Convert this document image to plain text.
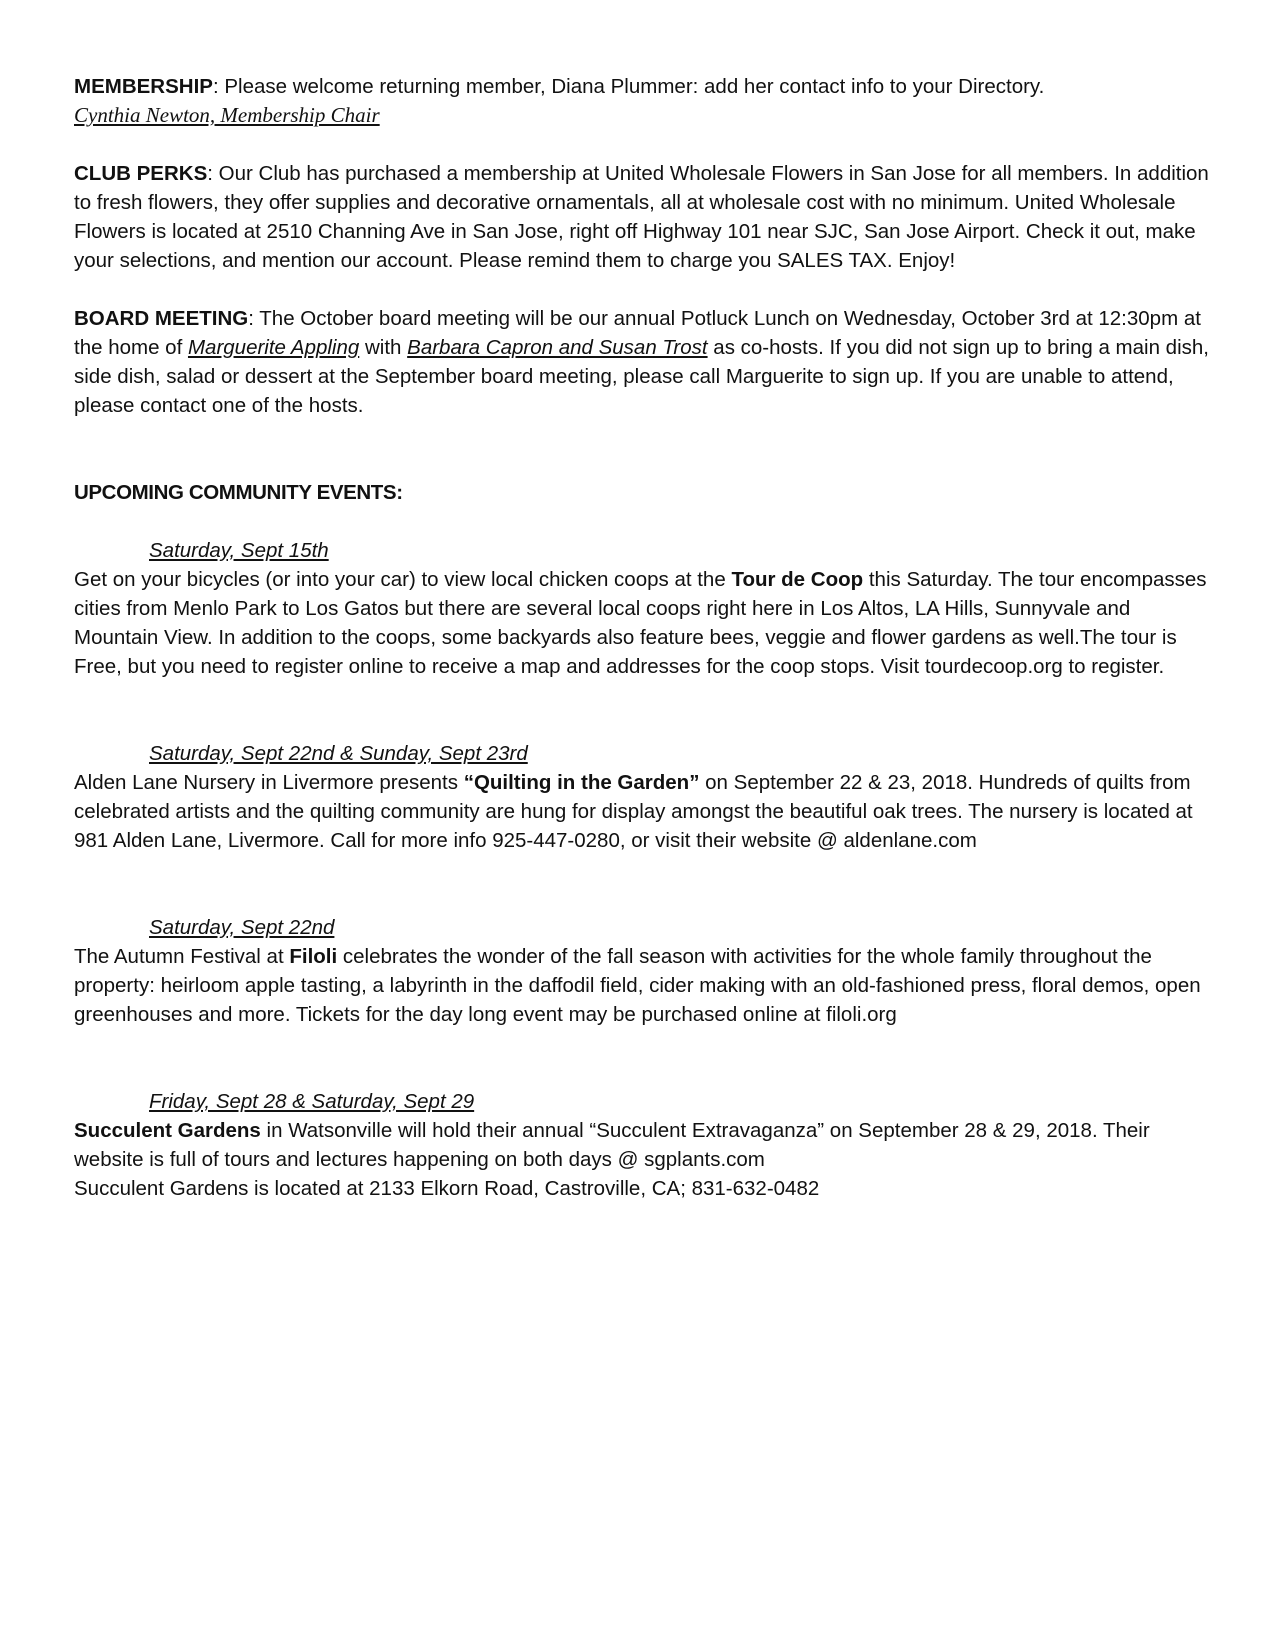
MEMBERSHIP: Please welcome returning member, Diana Plummer: add her contact info to your Directory.

Cynthia Newton, Membership Chair

CLUB PERKS: Our Club has purchased a membership at United Wholesale Flowers in San Jose for all members. In addition to fresh flowers, they offer supplies and decorative ornamentals, all at wholesale cost with no minimum. United Wholesale Flowers is located at 2510 Channing Ave in San Jose, right off Highway 101 near SJC, San Jose Airport. Check it out, make your selections, and mention our account. Please remind them to charge you SALES TAX. Enjoy!

BOARD MEETING: The October board meeting will be our annual Potluck Lunch on Wednesday, October 3rd at 12:30pm at the home of Marguerite Appling with Barbara Capron and Susan Trost as co-hosts. If you did not sign up to bring a main dish, side dish, salad or dessert at the September board meeting, please call Marguerite to sign up. If you are unable to attend, please contact one of the hosts.

UPCOMING COMMUNITY EVENTS:

Saturday, Sept 15th

Get on your bicycles (or into your car) to view local chicken coops at the Tour de Coop this Saturday. The tour encompasses cities from Menlo Park to Los Gatos but there are several local coops right here in Los Altos, LA Hills, Sunnyvale and Mountain View. In addition to the coops, some backyards also feature bees, veggie and flower gardens as well.The tour is Free, but you need to register online to receive a map and addresses for the coop stops. Visit tourdecoop.org to register.

Saturday, Sept 22nd & Sunday, Sept 23rd

Alden Lane Nursery in Livermore presents “Quilting in the Garden” on September 22 & 23, 2018. Hundreds of quilts from celebrated artists and the quilting community are hung for display amongst the beautiful oak trees. The nursery is located at 981 Alden Lane, Livermore. Call for more info 925-447-0280, or visit their website @ aldenlane.com

Saturday, Sept 22nd

The Autumn Festival at Filoli celebrates the wonder of the fall season with activities for the whole family throughout the property: heirloom apple tasting, a labyrinth in the daffodil field, cider making with an old-fashioned press, floral demos, open greenhouses and more. Tickets for the day long event may be purchased online at filoli.org

Friday, Sept 28 & Saturday, Sept 29

Succulent Gardens in Watsonville will hold their annual “Succulent Extravaganza” on September 28 & 29, 2018. Their website is full of tours and lectures happening on both days @ sgplants.com

Succulent Gardens is located at 2133 Elkorn Road, Castroville, CA; 831-632-0482
